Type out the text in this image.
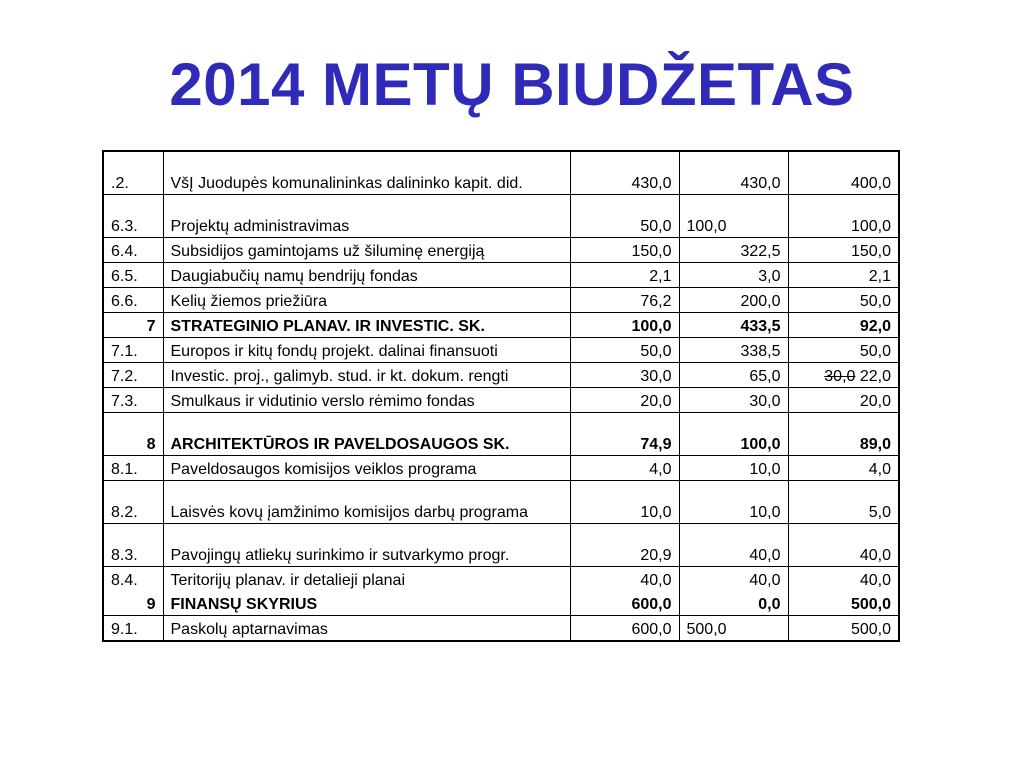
2014 METŲ BIUDŽETAS
.2.	VšĮ Juodupės komunalininkas dalininko kapit. did.	430,0	430,0	400,0
6.3.	Projektų administravimas	50,0	100,0	100,0
6.4.	Subsidijos gamintojams už šiluminę energiją	150,0	322,5	150,0
6.5.	Daugiabučių namų bendrijų fondas	2,1	3,0	2,1
6.6.	Kelių žiemos priežiūra	76,2	200,0	50,0
7	STRATEGINIO PLANAV. IR INVESTIC. SK.	100,0	433,5	92,0
7.1.	Europos ir kitų fondų projekt. dalinai finansuoti	50,0	338,5	50,0
7.2.	Investic. proj., galimyb. stud. ir kt. dokum. rengti	30,0	65,0	30,0 22,0
7.3.	Smulkaus ir vidutinio verslo rėmimo fondas	20,0	30,0	20,0
8	ARCHITEKTŪROS IR PAVELDOSAUGOS SK.	74,9	100,0	89,0
8.1.	Paveldosaugos komisijos veiklos programa	4,0	10,0	4,0
8.2.	Laisvės kovų įamžinimo komisijos darbų programa	10,0	10,0	5,0
8.3.	Pavojingų atliekų surinkimo ir sutvarkymo progr.	20,9	40,0	40,0
8.4.	Teritorijų planav. ir detalieji planai	40,0	40,0	40,0
9	FINANSŲ SKYRIUS	600,0	0,0	500,0
9.1.	Paskolų aptarnavimas	600,0	500,0	500,0
